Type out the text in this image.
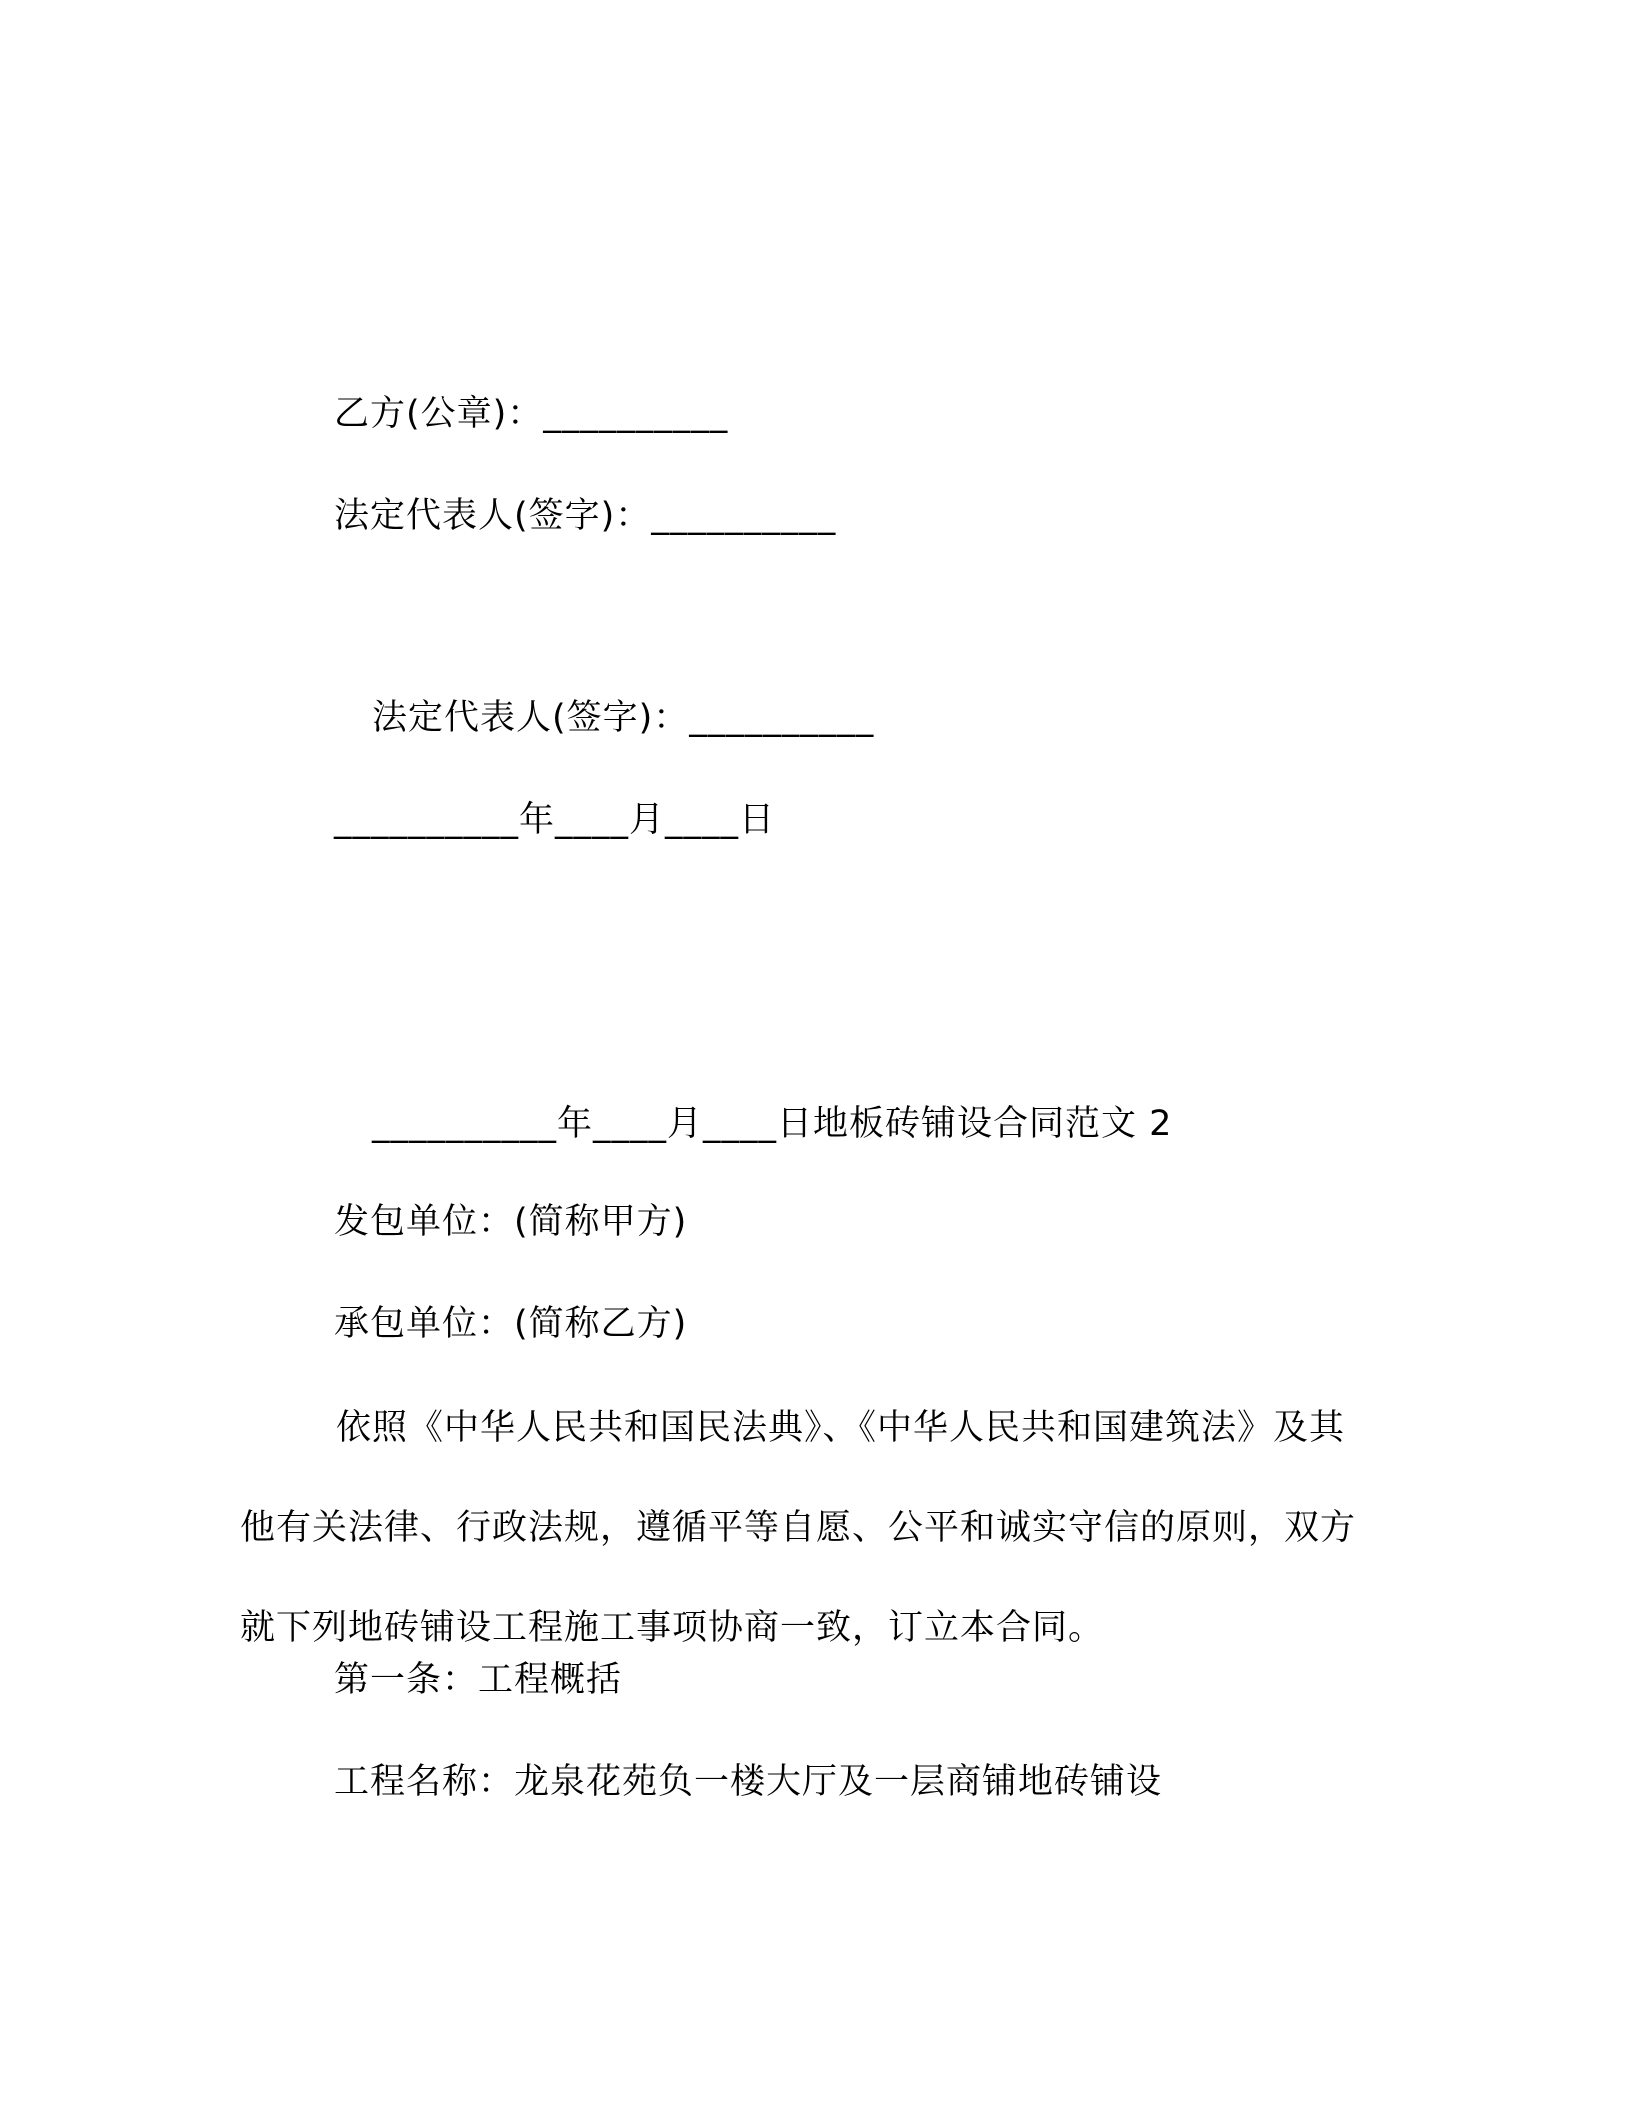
乙方(公章)：__________
法定代表人(签字)：__________
法定代表人(签字)：__________
__________年____月____日
__________年____月____日地板砖铺设合同范文 2
发包单位：(简称甲方)
承包单位：(简称乙方)
依照《中华人民共和国民法典》、《中华人民共和国建筑法》及其他有关法律、行政法规，遵循平等自愿、公平和诚实守信的原则，双方就下列地砖铺设工程施工事项协商一致，订立本合同。
第一条：工程概括
工程名称：龙泉花苑负一楼大厅及一层商铺地砖铺设
